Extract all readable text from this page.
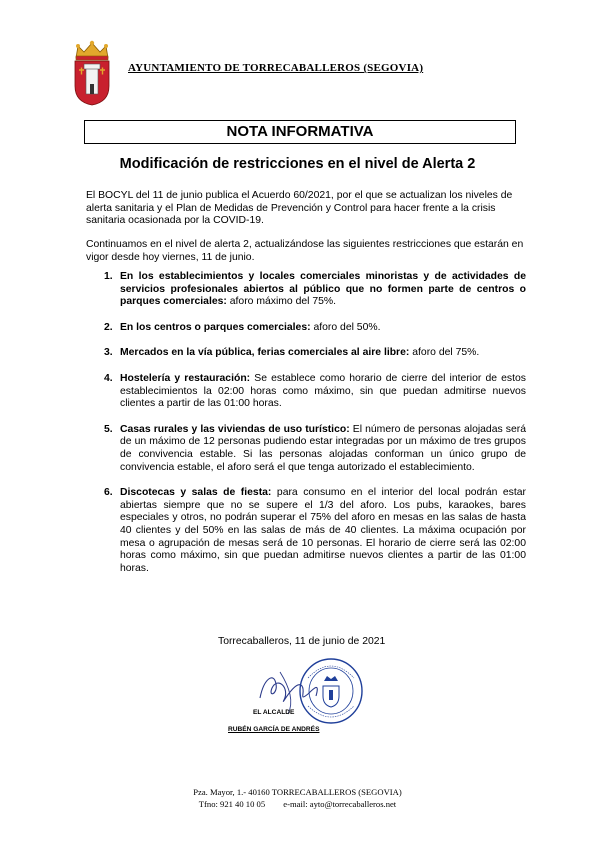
AYUNTAMIENTO DE TORRECABALLEROS (SEGOVIA)
NOTA INFORMATIVA
Modificación de restricciones en el nivel de Alerta 2

El BOCYL del 11 de junio publica el Acuerdo 60/2021, por el que se actualizan los niveles de alerta sanitaria y el Plan de Medidas de Prevención y Control para hacer frente a la crisis sanitaria ocasionada por la COVID-19.

Continuamos en el nivel de alerta 2, actualizándose las siguientes restricciones que estarán en vigor desde hoy viernes, 11 de junio.

1. En los establecimientos y locales comerciales minoristas y de actividades de servicios profesionales abiertos al público que no formen parte de centros o parques comerciales: aforo máximo del 75%.
2. En los centros o parques comerciales: aforo del 50%.
3. Mercados en la vía pública, ferias comerciales al aire libre: aforo del 75%.
4. Hostelería y restauración: Se establece como horario de cierre del interior de estos establecimientos la 02:00 horas como máximo, sin que puedan admitirse nuevos clientes a partir de las 01:00 horas.
5. Casas rurales y las viviendas de uso turístico: El número de personas alojadas será de un máximo de 12 personas pudiendo estar integradas por un máximo de tres grupos de convivencia estable. Si las personas alojadas conforman un único grupo de convivencia estable, el aforo será el que tenga autorizado el establecimiento.
6. Discotecas y salas de fiesta: para consumo en el interior del local podrán estar abiertas siempre que no se supere el 1/3 del aforo. Los pubs, karaokes, bares especiales y otros, no podrán superar el 75% del aforo en mesas en las salas de hasta 40 clientes y del 50% en las salas de más de 40 clientes. La máxima ocupación por mesa o agrupación de mesas será de 10 personas. El horario de cierre será las 02:00 horas como máximo, sin que puedan admitirse nuevos clientes a partir de las 01:00 horas.
Torrecaballeros, 11 de junio de 2021
EL ALCALDE
RUBÉN GARCÍA DE ANDRÉS
Pza. Mayor, 1.- 40160 TORRECABALLEROS (SEGOVIA)
Tfno: 921 40 10 05 e-mail: ayto@torrecaballeros.net
